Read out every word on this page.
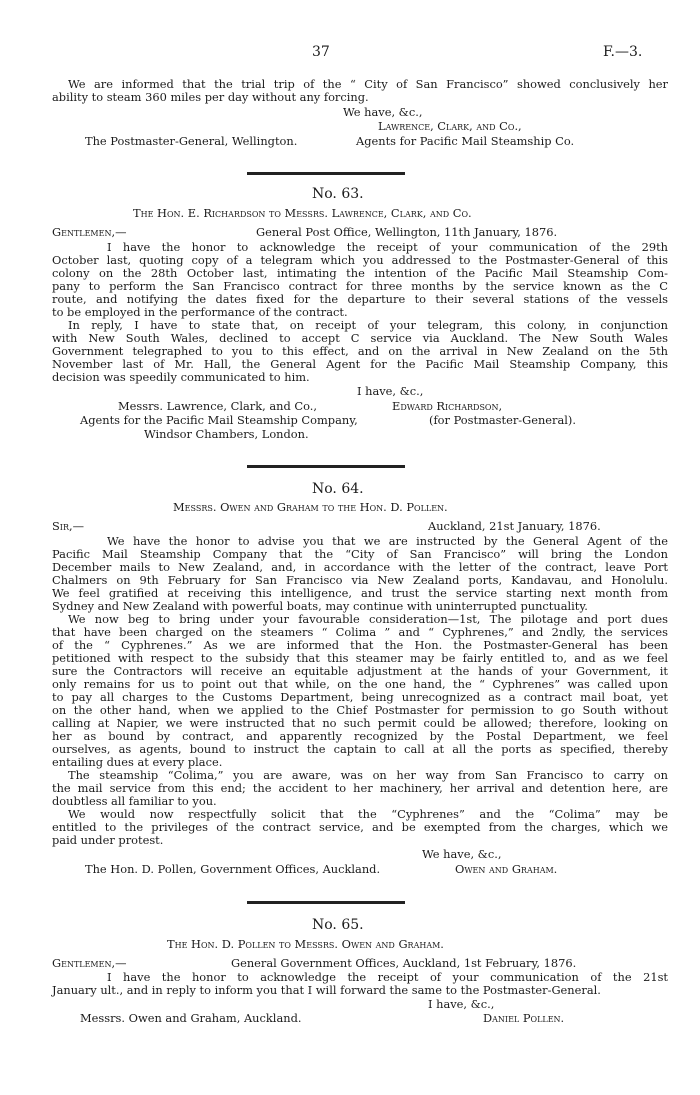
37	F.—3.
We are informed that the trial trip of the “ City of San Francisco” showed conclusively her
ability to steam 360 miles per day without any forcing.
We have, &c.,
Lawrence, Clark, and Co.,
The Postmaster-General, Wellington.	Agents for Pacific Mail Steamship Co.
No. 63.
The Hon. E. Richardson to Messrs. Lawrence, Clark, and Co.
Gentlemen,—	General Post Office, Wellington, 11th January, 1876.
I have the honor to acknowledge the receipt of your communication of the 29th
October last, quoting copy of a telegram which you addressed to the Postmaster-General of this
colony on the 28th October last, intimating the intention of the Pacific Mail Steamship Com-
pany to perform the San Francisco contract for three months by the service known as the C
route, and notifying the dates fixed for the departure to their several stations of the vessels
to be employed in the performance of the contract.
In reply, I have to state that, on receipt of your telegram, this colony, in conjunction
with New South Wales, declined to accept C service via Auckland. The New South Wales
Government telegraphed to you to this effect, and on the arrival in New Zealand on the 5th
November last of Mr. Hall, the General Agent for the Pacific Mail Steamship Company, this
decision was speedily communicated to him.
I have, &c.,
Messrs. Lawrence, Clark, and Co.,	Edward Richardson,
Agents for the Pacific Mail Steamship Company,	(for Postmaster-General).
Windsor Chambers, London.
No. 64.
Messrs. Owen and Graham to the Hon. D. Pollen.
Sir,—	Auckland, 21st January, 1876.
We have the honor to advise you that we are instructed by the General Agent of the
Pacific Mail Steamship Company that the “City of San Francisco” will bring the London
December mails to New Zealand, and, in accordance with the letter of the contract, leave Port
Chalmers on 9th February for San Francisco via New Zealand ports, Kandavau, and Honolulu.
We feel gratified at receiving this intelligence, and trust the service starting next month from
Sydney and New Zealand with powerful boats, may continue with uninterrupted punctuality.
We now beg to bring under your favourable consideration—1st, The pilotage and port dues
that have been charged on the steamers “ Colima ” and “ Cyphrenes,” and 2ndly, the services
of the “ Cyphrenes.” As we are informed that the Hon. the Postmaster-General has been
petitioned with respect to the subsidy that this steamer may be fairly entitled to, and as we feel
sure the Contractors will receive an equitable adjustment at the hands of your Government, it
only remains for us to point out that while, on the one hand, the “ Cyphrenes” was called upon
to pay all charges to the Customs Department, being unrecognized as a contract mail boat, yet
on the other hand, when we applied to the Chief Postmaster for permission to go South without
calling at Napier, we were instructed that no such permit could be allowed; therefore, looking on
her as bound by contract, and apparently recognized by the Postal Department, we feel
ourselves, as agents, bound to instruct the captain to call at all the ports as specified, thereby
entailing dues at every place.
The steamship “Colima,” you are aware, was on her way from San Francisco to carry on
the mail service from this end; the accident to her machinery, her arrival and detention here, are
doubtless all familiar to you.
We would now respectfully solicit that the “Cyphrenes” and the “Colima” may be
entitled to the privileges of the contract service, and be exempted from the charges, which we
paid under protest.
We have, &c.,
The Hon. D. Pollen, Government Offices, Auckland.	Owen and Graham.
No. 65.
The Hon. D. Pollen to Messrs. Owen and Graham.
Gentlemen,—	General Government Offices, Auckland, 1st February, 1876.
I have the honor to acknowledge the receipt of your communication of the 21st
January ult., and in reply to inform you that I will forward the same to the Postmaster-General.
I have, &c.,
Messrs. Owen and Graham, Auckland.	Daniel Pollen.
